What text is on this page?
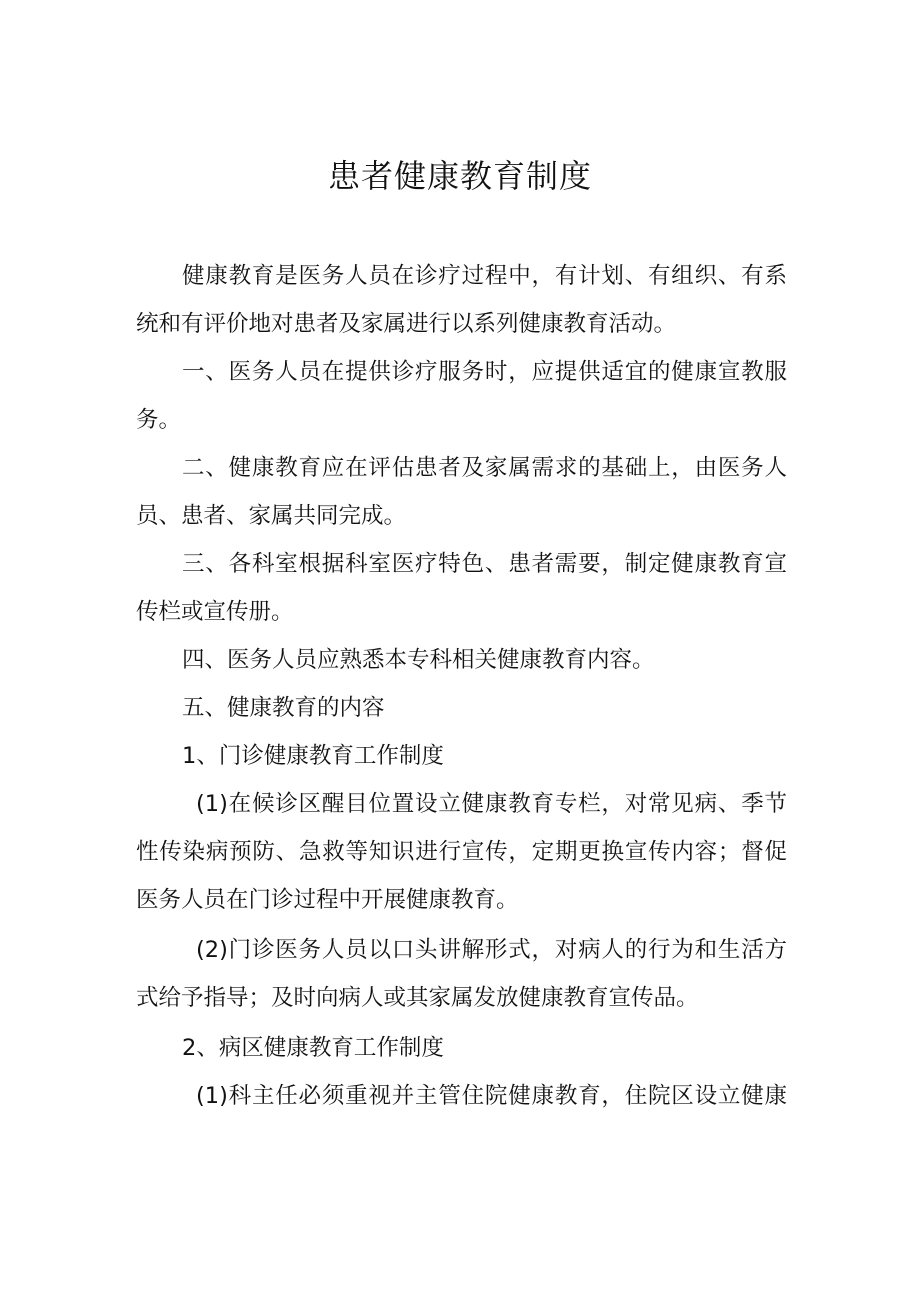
患者健康教育制度
健康教育是医务人员在诊疗过程中，有计划、有组织、有系
统和有评价地对患者及家属进行以系列健康教育活动。
一、医务人员在提供诊疗服务时，应提供适宜的健康宣教服
务。
二、健康教育应在评估患者及家属需求的基础上，由医务人
员、患者、家属共同完成。
三、各科室根据科室医疗特色、患者需要，制定健康教育宣
传栏或宣传册。
四、医务人员应熟悉本专科相关健康教育内容。
五、健康教育的内容
1、门诊健康教育工作制度
(1)在候诊区醒目位置设立健康教育专栏，对常见病、季节
性传染病预防、急救等知识进行宣传，定期更换宣传内容；督促
医务人员在门诊过程中开展健康教育。
(2)门诊医务人员以口头讲解形式，对病人的行为和生活方
式给予指导；及时向病人或其家属发放健康教育宣传品。
2、病区健康教育工作制度
(1)科主任必须重视并主管住院健康教育，住院区设立健康
